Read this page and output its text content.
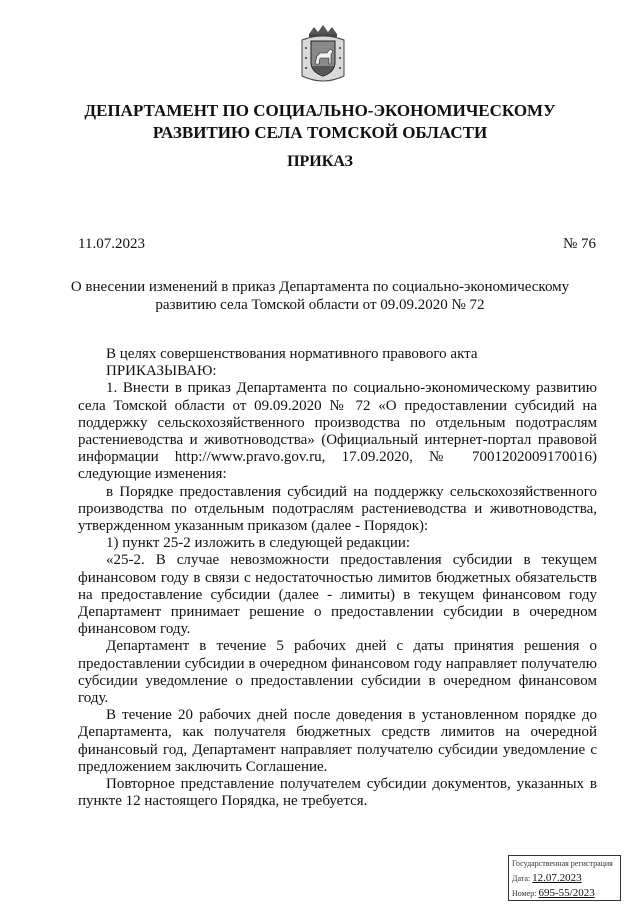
ДЕПАРТАМЕНТ ПО СОЦИАЛЬНО-ЭКОНОМИЧЕСКОМУ РАЗВИТИЮ СЕЛА ТОМСКОЙ ОБЛАСТИ
ПРИКАЗ
11.07.2023	№ 76
О внесении изменений в приказ Департамента по социально-экономическому развитию села Томской области от 09.09.2020 № 72

В целях совершенствования нормативного правового акта

ПРИКАЗЫВАЮ:

1. Внести в приказ Департамента по социально-экономическому развитию села Томской области от 09.09.2020 № 72 «О предоставлении субсидий на поддержку сельскохозяйственного производства по отдельным подотраслям растениеводства и животноводства» (Официальный интернет-портал правовой информации http://www.pravo.gov.ru, 17.09.2020, № 7001202009170016) следующие изменения:

в Порядке предоставления субсидий на поддержку сельскохозяйственного производства по отдельным подотраслям растениеводства и животноводства, утвержденном указанным приказом (далее - Порядок):

1) пункт 25-2 изложить в следующей редакции:

«25-2. В случае невозможности предоставления субсидии в текущем финансовом году в связи с недостаточностью лимитов бюджетных обязательств на предоставление субсидии (далее - лимиты) в текущем финансовом году Департамент принимает решение о предоставлении субсидии в очередном финансовом году.

Департамент в течение 5 рабочих дней с даты принятия решения о предоставлении субсидии в очередном финансовом году направляет получателю субсидии уведомление о предоставлении субсидии в очередном финансовом году.

В течение 20 рабочих дней после доведения в установленном порядке до Департамента, как получателя бюджетных средств лимитов на очередной финансовый год, Департамент направляет получателю субсидии уведомление с предложением заключить Соглашение.

Повторное представление получателем субсидии документов, указанных в пункте 12 настоящего Порядка, не требуется.

Государственная регистрация
Дата: 12.07.2023
Номер: 695-55/2023
